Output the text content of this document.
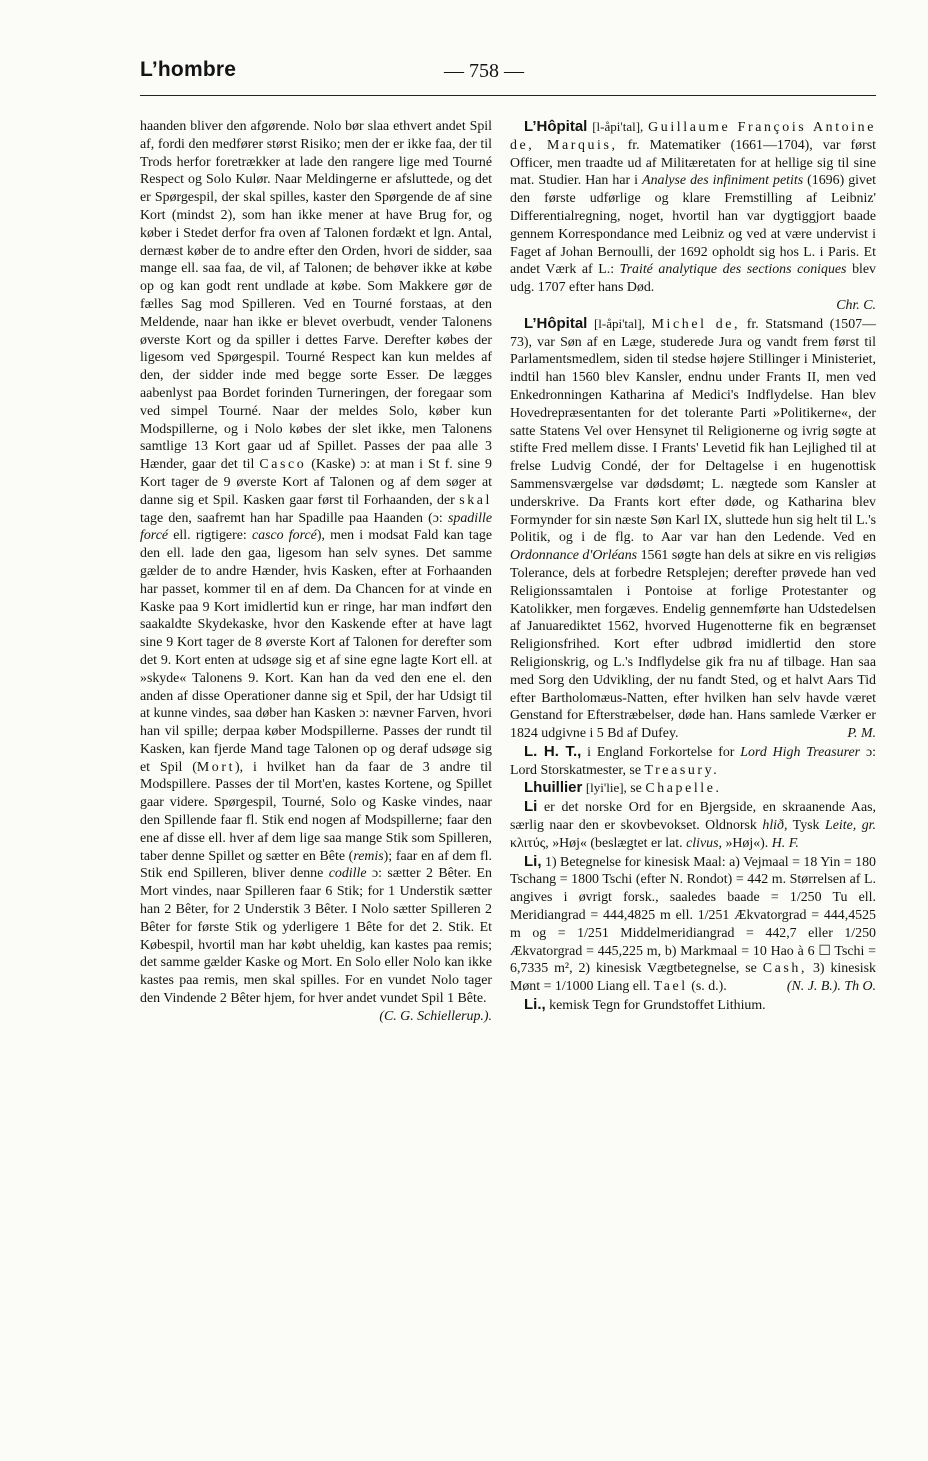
L’hombre	— 758 —

haanden bliver den afgørende. Nolo bør slaa ethvert andet Spil af, fordi den medfører størst Risiko; men der er ikke faa, der til Trods herfor foretrækker at lade den rangere lige med Tourné Respect og Solo Kulør. Naar Meldingerne er afsluttede, og det er Spørgespil, der skal spilles, kaster den Spørgende de af sine Kort (mindst 2), som han ikke mener at have Brug for, og køber i Stedet derfor fra oven af Talonen fordækt et lgn. Antal, dernæst køber de to andre efter den Orden, hvori de sidder, saa mange ell. saa faa, de vil, af Talonen; de behøver ikke at købe op og kan godt rent undlade at købe. Som Makkere gør de fælles Sag mod Spilleren. Ved en Tourné forstaas, at den Meldende, naar han ikke er blevet overbudt, vender Talonens øverste Kort og da spiller i dettes Farve. Derefter købes der ligesom ved Spørgespil. Tourné Respect kan kun meldes af den, der sidder inde med begge sorte Esser. De lægges aabenlyst paa Bordet forinden Turneringen, der foregaar som ved simpel Tourné. Naar der meldes Solo, køber kun Modspillerne, og i Nolo købes der slet ikke, men Talonens samtlige 13 Kort gaar ud af Spillet. Passes der paa alle 3 Hænder, gaar det til Casco (Kaske) ɔ: at man i St f. sine 9 Kort tager de 9 øverste Kort af Talonen og af dem søger at danne sig et Spil. Kasken gaar først til Forhaanden, der skal tage den, saafremt han har Spadille paa Haanden (ɔ: spadille forcé ell. rigtigere: casco forcé), men i modsat Fald kan tage den ell. lade den gaa, ligesom han selv synes. Det samme gælder de to andre Hænder, hvis Kasken, efter at Forhaanden har passet, kommer til en af dem. Da Chancen for at vinde en Kaske paa 9 Kort imidlertid kun er ringe, har man indført den saakaldte Skydekaske, hvor den Kaskende efter at have lagt sine 9 Kort tager de 8 øverste Kort af Talonen for derefter som det 9. Kort enten at udsøge sig et af sine egne lagte Kort ell. at »skyde« Talonens 9. Kort. Kan han da ved den ene el. den anden af disse Operationer danne sig et Spil, der har Udsigt til at kunne vindes, saa døber han Kasken ɔ: nævner Farven, hvori han vil spille; derpaa køber Modspillerne. Passes der rundt til Kasken, kan fjerde Mand tage Talonen op og deraf udsøge sig et Spil (Mort), i hvilket han da faar de 3 andre til Modspillere. Passes der til Mort'en, kastes Kortene, og Spillet gaar videre. Spørgespil, Tourné, Solo og Kaske vindes, naar den Spillende faar fl. Stik end nogen af Modspillerne; faar den ene af disse ell. hver af dem lige saa mange Stik som Spilleren, taber denne Spillet og sætter en Bête (remis); faar en af dem fl. Stik end Spilleren, bliver denne codille ɔ: sætter 2 Bêter. En Mort vindes, naar Spilleren faar 6 Stik; for 1 Understik sætter han 2 Bêter, for 2 Understik 3 Bêter. I Nolo sætter Spilleren 2 Bêter for første Stik og yderligere 1 Bête for det 2. Stik. Et Købespil, hvortil man har købt uheldig, kan kastes paa remis; det samme gælder Kaske og Mort. En Solo eller Nolo kan ikke kastes paa remis, men skal spilles. For en vundet Nolo tager den Vindende 2 Bêter hjem, for hver andet vundet Spil 1 Bête.
(C. G. Schiellerup.).

L’Hôpital [l-åpi'tal], Guillaume François Antoine de, Marquis, fr. Matematiker (1661—1704), var først Officer, men traadte ud af Militæretaten for at hellige sig til sine mat. Studier. Han har i Analyse des infiniment petits (1696) givet den første udførlige og klare Fremstilling af Leibniz' Differentialregning, noget, hvortil han var dygtiggjort baade gennem Korrespondance med Leibniz og ved at være undervist i Faget af Johan Bernoulli, der 1692 opholdt sig hos L. i Paris. Et andet Værk af L.: Traité analytique des sections coniques blev udg. 1707 efter hans Død.
Chr. C.

L’Hôpital [l-åpi'tal], Michel de, fr. Statsmand (1507—73), var Søn af en Læge, studerede Jura og vandt frem først til Parlamentsmedlem, siden til stedse højere Stillinger i Ministeriet, indtil han 1560 blev Kansler, endnu under Frants II, men ved Enkedronningen Katharina af Medici's Indflydelse. Han blev Hovedrepræsentanten for det tolerante Parti »Politikerne«, der satte Statens Vel over Hensynet til Religionerne og ivrig søgte at stifte Fred mellem disse. I Frants' Levetid fik han Lejlighed til at frelse Ludvig Condé, der for Deltagelse i en hugenottisk Sammensværgelse var dødsdømt; L. nægtede som Kansler at underskrive. Da Frants kort efter døde, og Katharina blev Formynder for sin næste Søn Karl IX, sluttede hun sig helt til L.'s Politik, og i de flg. to Aar var han den Ledende. Ved en Ordonnance d'Orléans 1561 søgte han dels at sikre en vis religiøs Tolerance, dels at forbedre Retsplejen; derefter prøvede han ved Religionssamtalen i Pontoise at forlige Protestanter og Katolikker, men forgæves. Endelig gennemførte han Udstedelsen af Januarediktet 1562, hvorved Hugenotterne fik en begrænset Religionsfrihed. Kort efter udbrød imidlertid den store Religionskrig, og L.'s Indflydelse gik fra nu af tilbage. Han saa med Sorg den Udvikling, der nu fandt Sted, og et halvt Aars Tid efter Bartholomæus-Natten, efter hvilken han selv havde været Genstand for Efterstræbelser, døde han. Hans samlede Værker er 1824 udgivne i 5 Bd af Dufey.	P. M.

L. H. T., i England Forkortelse for Lord High Treasurer ɔ: Lord Storskatmester, se Treasury.

Lhuillier [lyi'lie], se Chapelle.

Li er det norske Ord for en Bjergside, en skraanende Aas, særlig naar den er skovbevokset. Oldnorsk hlið, Tysk Leite, gr. κλιτύς, »Høj« (beslægtet er lat. clivus, »Høj«). H. F.

Li, 1) Betegnelse for kinesisk Maal: a) Vejmaal = 18 Yin = 180 Tschang = 1800 Tschi (efter N. Rondot) = 442 m. Størrelsen af L. angives i øvrigt forsk., saaledes baade = 1/250 Tu ell. Meridiangrad = 444,4825 m ell. 1/251 Ækvatorgrad = 444,4525 m og = 1/251 Middelmeridiangrad = 442,7 eller 1/250 Ækvatorgrad = 445,225 m, b) Markmaal = 10 Hao à 6 ☐ Tschi = 6,7335 m², 2) kinesisk Vægtbetegnelse, se Cash, 3) kinesisk Mønt = 1/1000 Liang ell. Tael (s. d.).	(N. J. B.). Th O.

Li., kemisk Tegn for Grundstoffet Lithium.
